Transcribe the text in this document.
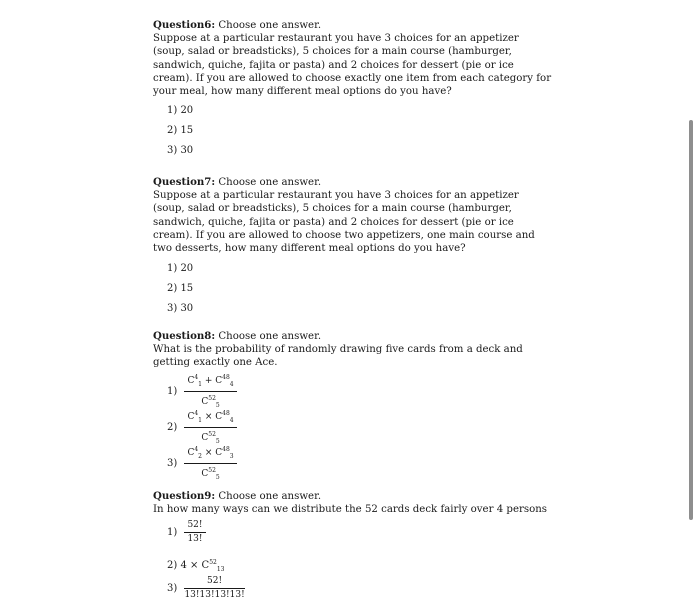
Question6: Choose one answer.

Suppose at a particular restaurant you have 3 choices for an appetizer (soup, salad or breadsticks), 5 choices for a main course (hamburger, sandwich, quiche, fajita or pasta) and 2 choices for dessert (pie or ice cream). If you are allowed to choose exactly one item from each category for your meal, how many different meal options do you have?

1) 20
2) 15
3) 30
Question7: Choose one answer.

Suppose at a particular restaurant you have 3 choices for an appetizer (soup, salad or breadsticks), 5 choices for a main course (hamburger, sandwich, quiche, fajita or pasta) and 2 choices for dessert (pie or ice cream). If you are allowed to choose two appetizers, one main course and two desserts, how many different meal options do you have?

1) 20
2) 15
3) 30
Question8: Choose one answer.

What is the probability of randomly drawing five cards from a deck and getting exactly one Ace.

$1) \frac{C^4_1 + C^{48}_4}{C^{52}_5}$
$2) \frac{C^4_1 \times C^{48}_4}{C^{52}_5}$
$3) \frac{C^4_2 \times C^{48}_3}{C^{52}_5}$
Question9: Choose one answer.

In how many ways can we distribute the 52 cards deck fairly over 4 persons

$1) \frac{52!}{13!}$
2) $4 \times C^{52}_{13}$
$3) \frac{52!}{13!13!13!13!}$
